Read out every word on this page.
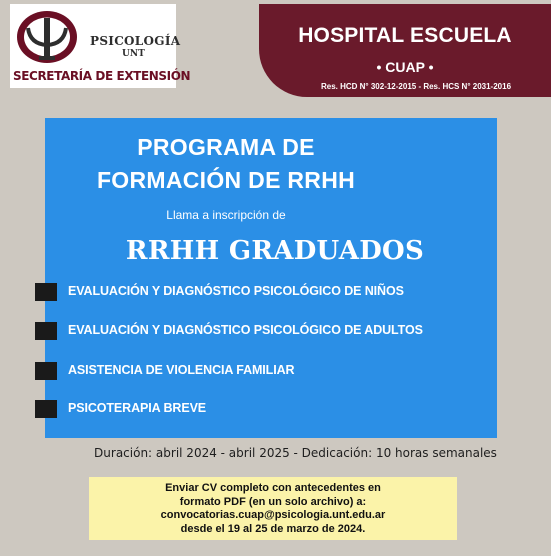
PSICOLOGÍA
UNT
SECRETARÍA DE EXTENSIÓN
HOSPITAL ESCUELA
• CUAP •
Res. HCD N° 302-12-2015 - Res. HCS N° 2031-2016
PROGRAMA DE
FORMACIÓN DE RRHH
Llama a inscripción de
RRHH GRADUADOS
EVALUACIÓN Y DIAGNÓSTICO PSICOLÓGICO DE NIÑOS
EVALUACIÓN Y DIAGNÓSTICO PSICOLÓGICO DE ADULTOS
ASISTENCIA DE VIOLENCIA FAMILIAR
PSICOTERAPIA BREVE
Duración: abril 2024 - abril 2025 - Dedicación: 10 horas semanales
Enviar CV completo con antecedentes en
formato PDF (en un solo archivo) a:
convocatorias.cuap@psicologia.unt.edu.ar
desde el 19 al 25 de marzo de 2024.
